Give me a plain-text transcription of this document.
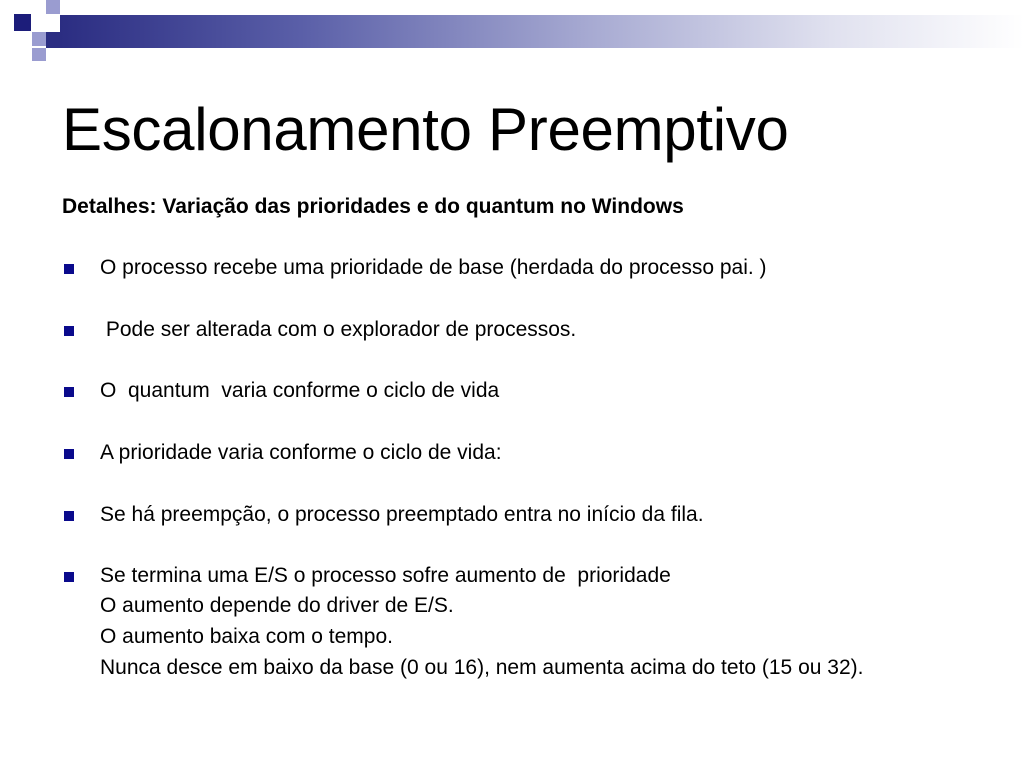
Escalonamento Preemptivo
Detalhes: Variação das prioridades e do quantum no Windows
O processo recebe uma prioridade de base (herdada do processo pai. )
Pode ser alterada com o explorador de processos.
O  quantum  varia conforme o ciclo de vida
A prioridade varia conforme o ciclo de vida:
Se há preempção, o processo preemptado entra no início da fila.
Se termina uma E/S o processo sofre aumento de  prioridade
O aumento depende do driver de E/S.
O aumento baixa com o tempo.
Nunca desce em baixo da base (0 ou 16), nem aumenta acima do teto (15 ou 32).
